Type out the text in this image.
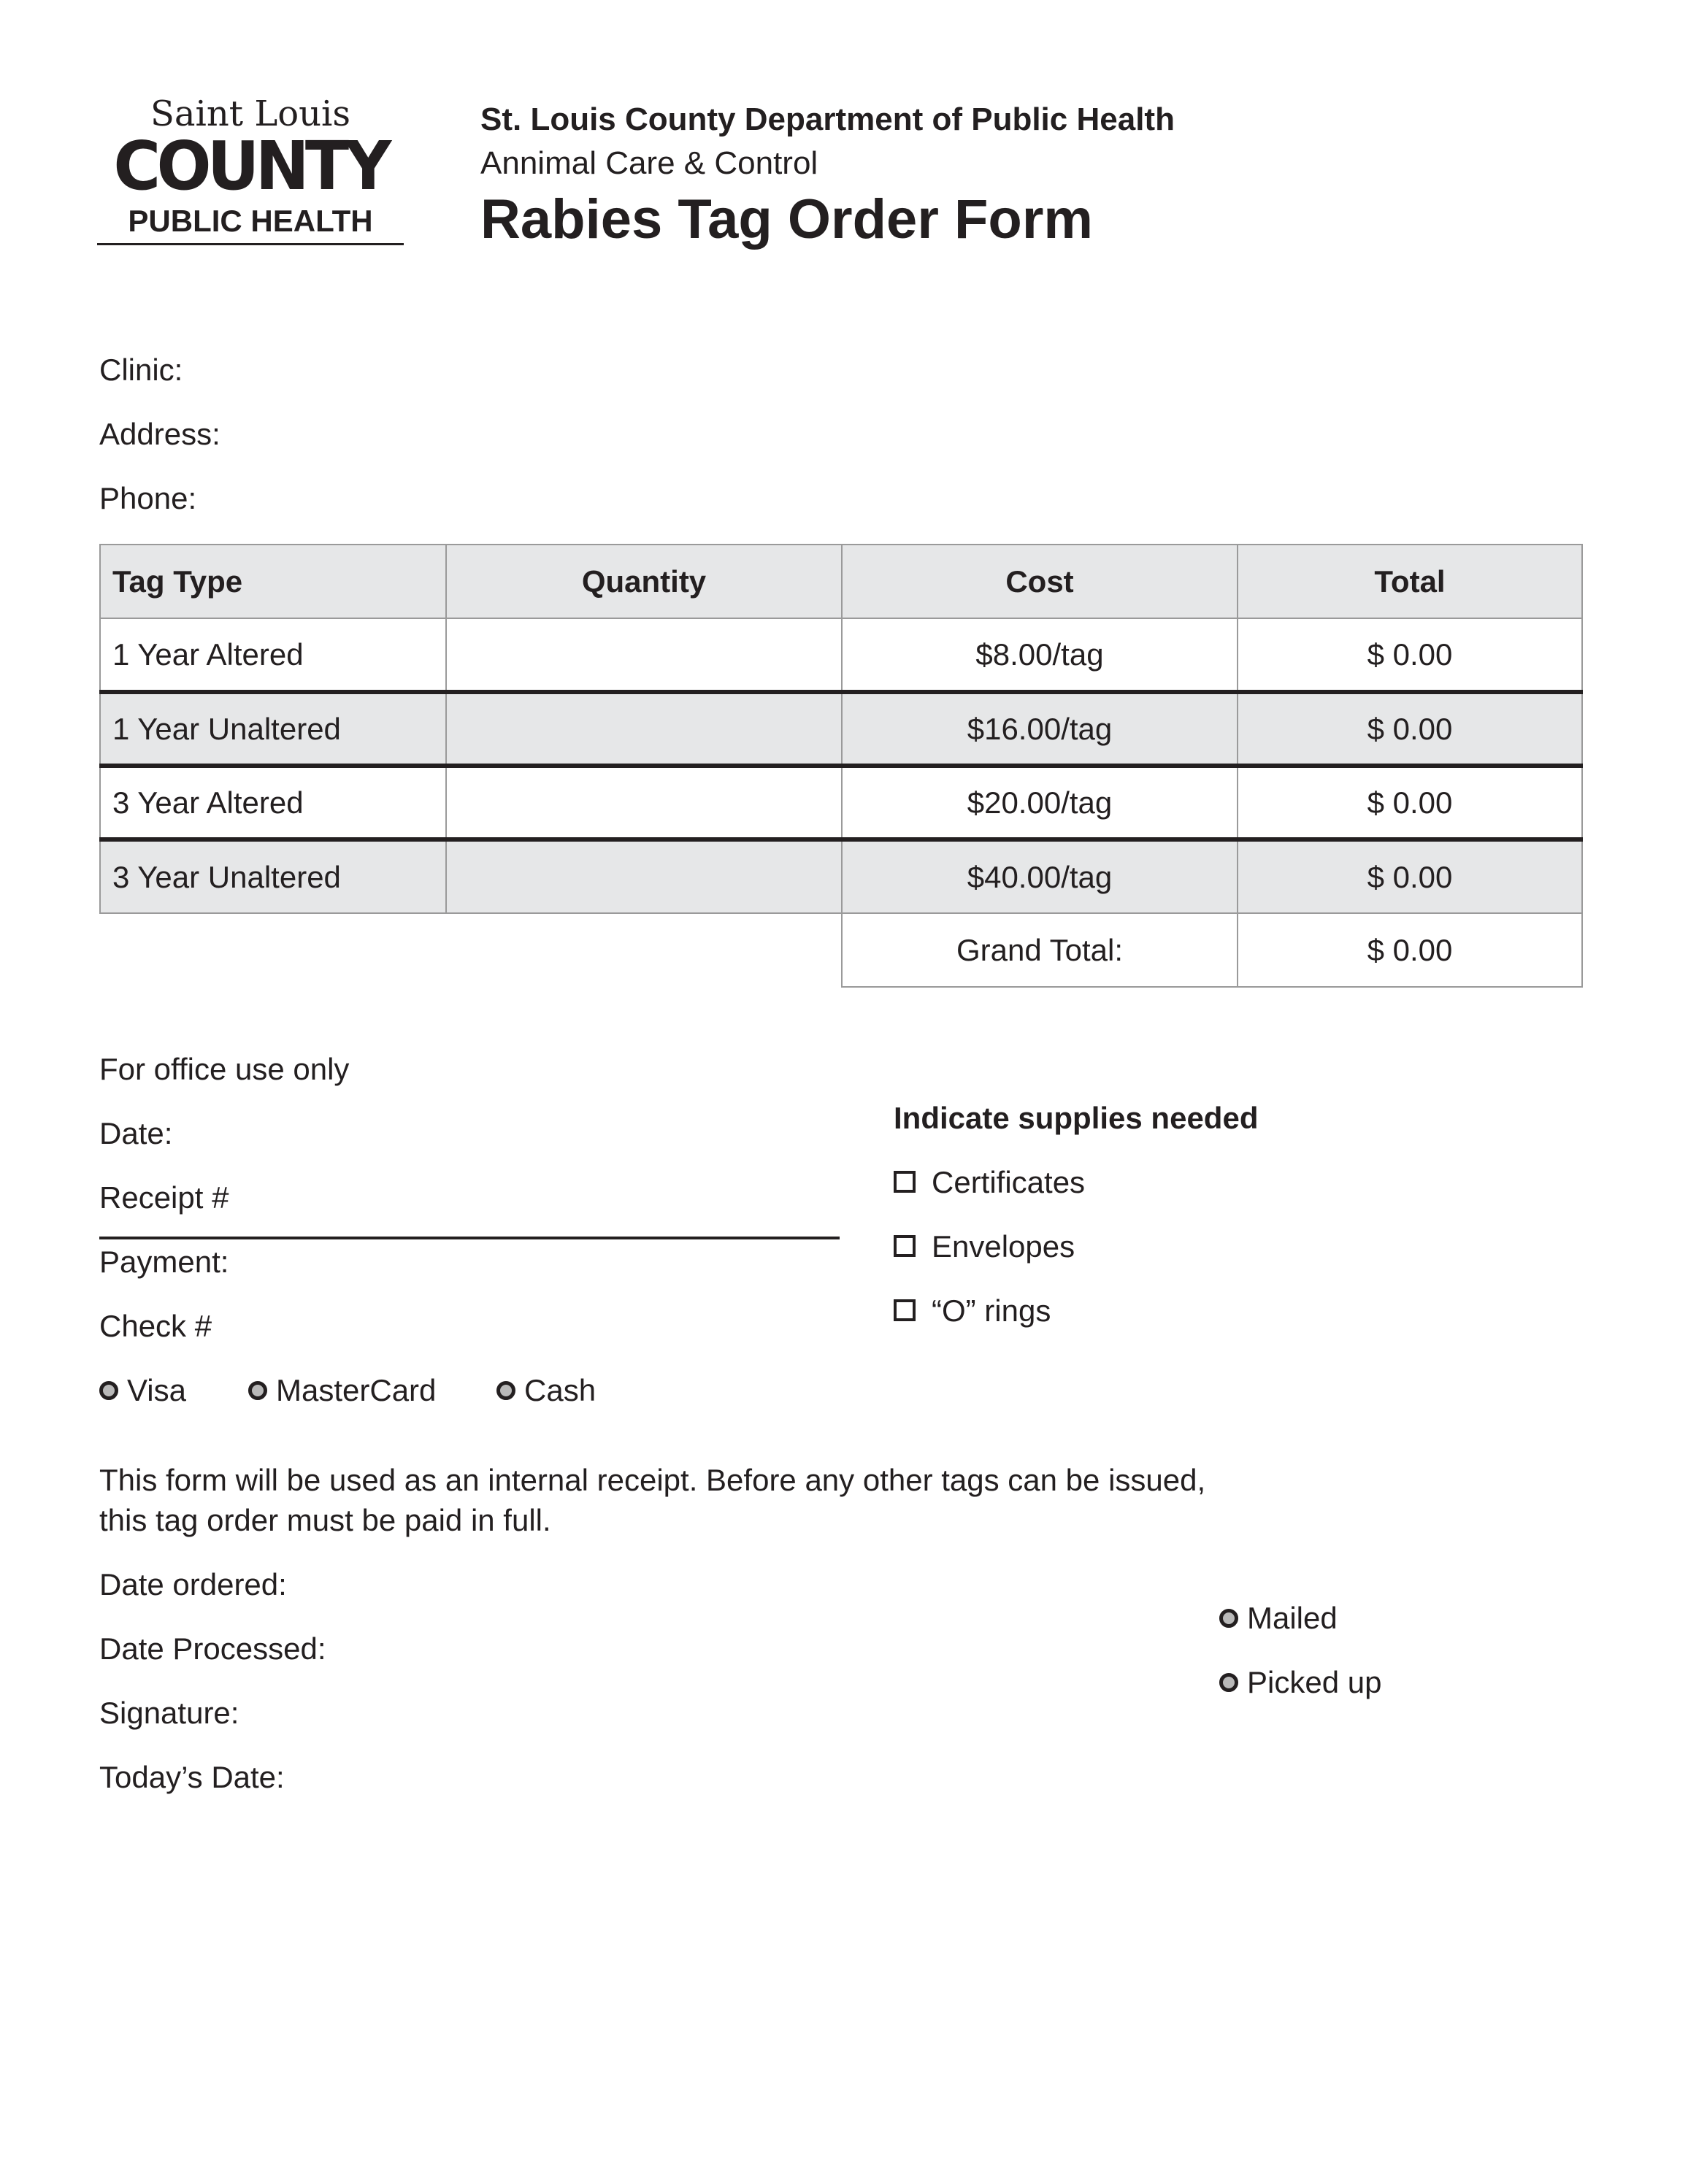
Saint Louis
COUNTY
PUBLIC HEALTH
St. Louis County Department of Public Health
Annimal Care & Control
Rabies Tag Order Form
Clinic:
Address:
Phone:
Tag Type	Quantity	Cost	Total
1 Year Altered		$8.00/tag	$ 0.00
1 Year Unaltered		$16.00/tag	$ 0.00
3 Year Altered		$20.00/tag	$ 0.00
3 Year Unaltered		$40.00/tag	$ 0.00
		Grand Total:	$ 0.00
For office use only
Date:
Receipt #
Payment:
Check #
Visa	MasterCard	Cash
Indicate supplies needed
Certificates
Envelopes
“O” rings
This form will be used as an internal receipt. Before any other tags can be issued,
this tag order must be paid in full.
Date ordered:
Date Processed:
Signature:
Today’s Date:
Mailed
Picked up
